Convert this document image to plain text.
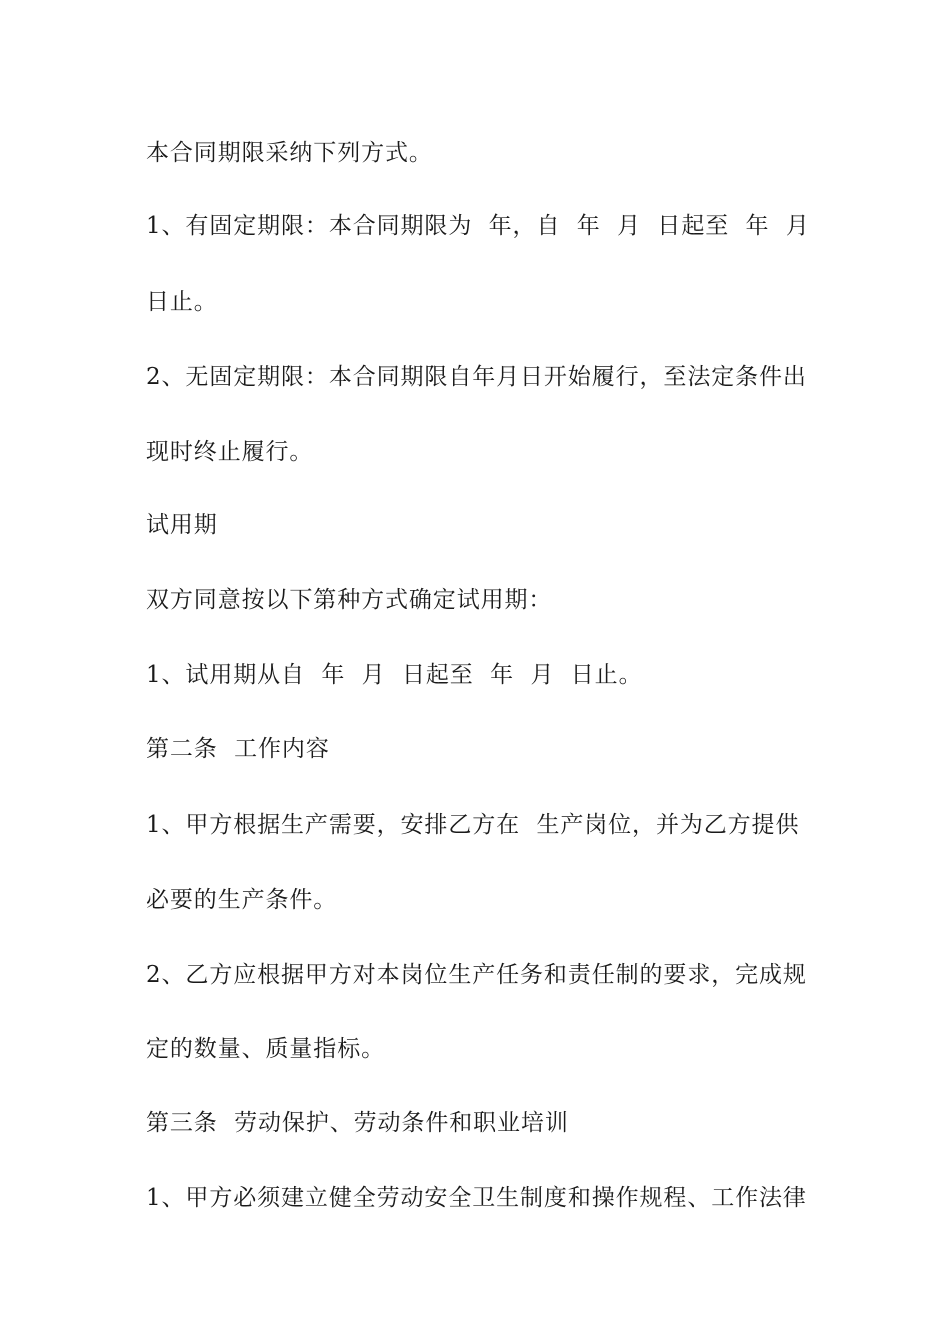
本合同期限采纳下列方式。
1、有固定期限：本合同期限为  年，自  年  月  日起至  年  月
日止。
2、无固定期限：本合同期限自年月日开始履行，至法定条件出
现时终止履行。
试用期
双方同意按以下第种方式确定试用期：
1、试用期从自  年  月  日起至  年  月  日止。
第二条  工作内容
1、甲方根据生产需要，安排乙方在  生产岗位，并为乙方提供
必要的生产条件。
2、乙方应根据甲方对本岗位生产任务和责任制的要求，完成规
定的数量、质量指标。
第三条  劳动保护、劳动条件和职业培训
1、甲方必须建立健全劳动安全卫生制度和操作规程、工作法律
